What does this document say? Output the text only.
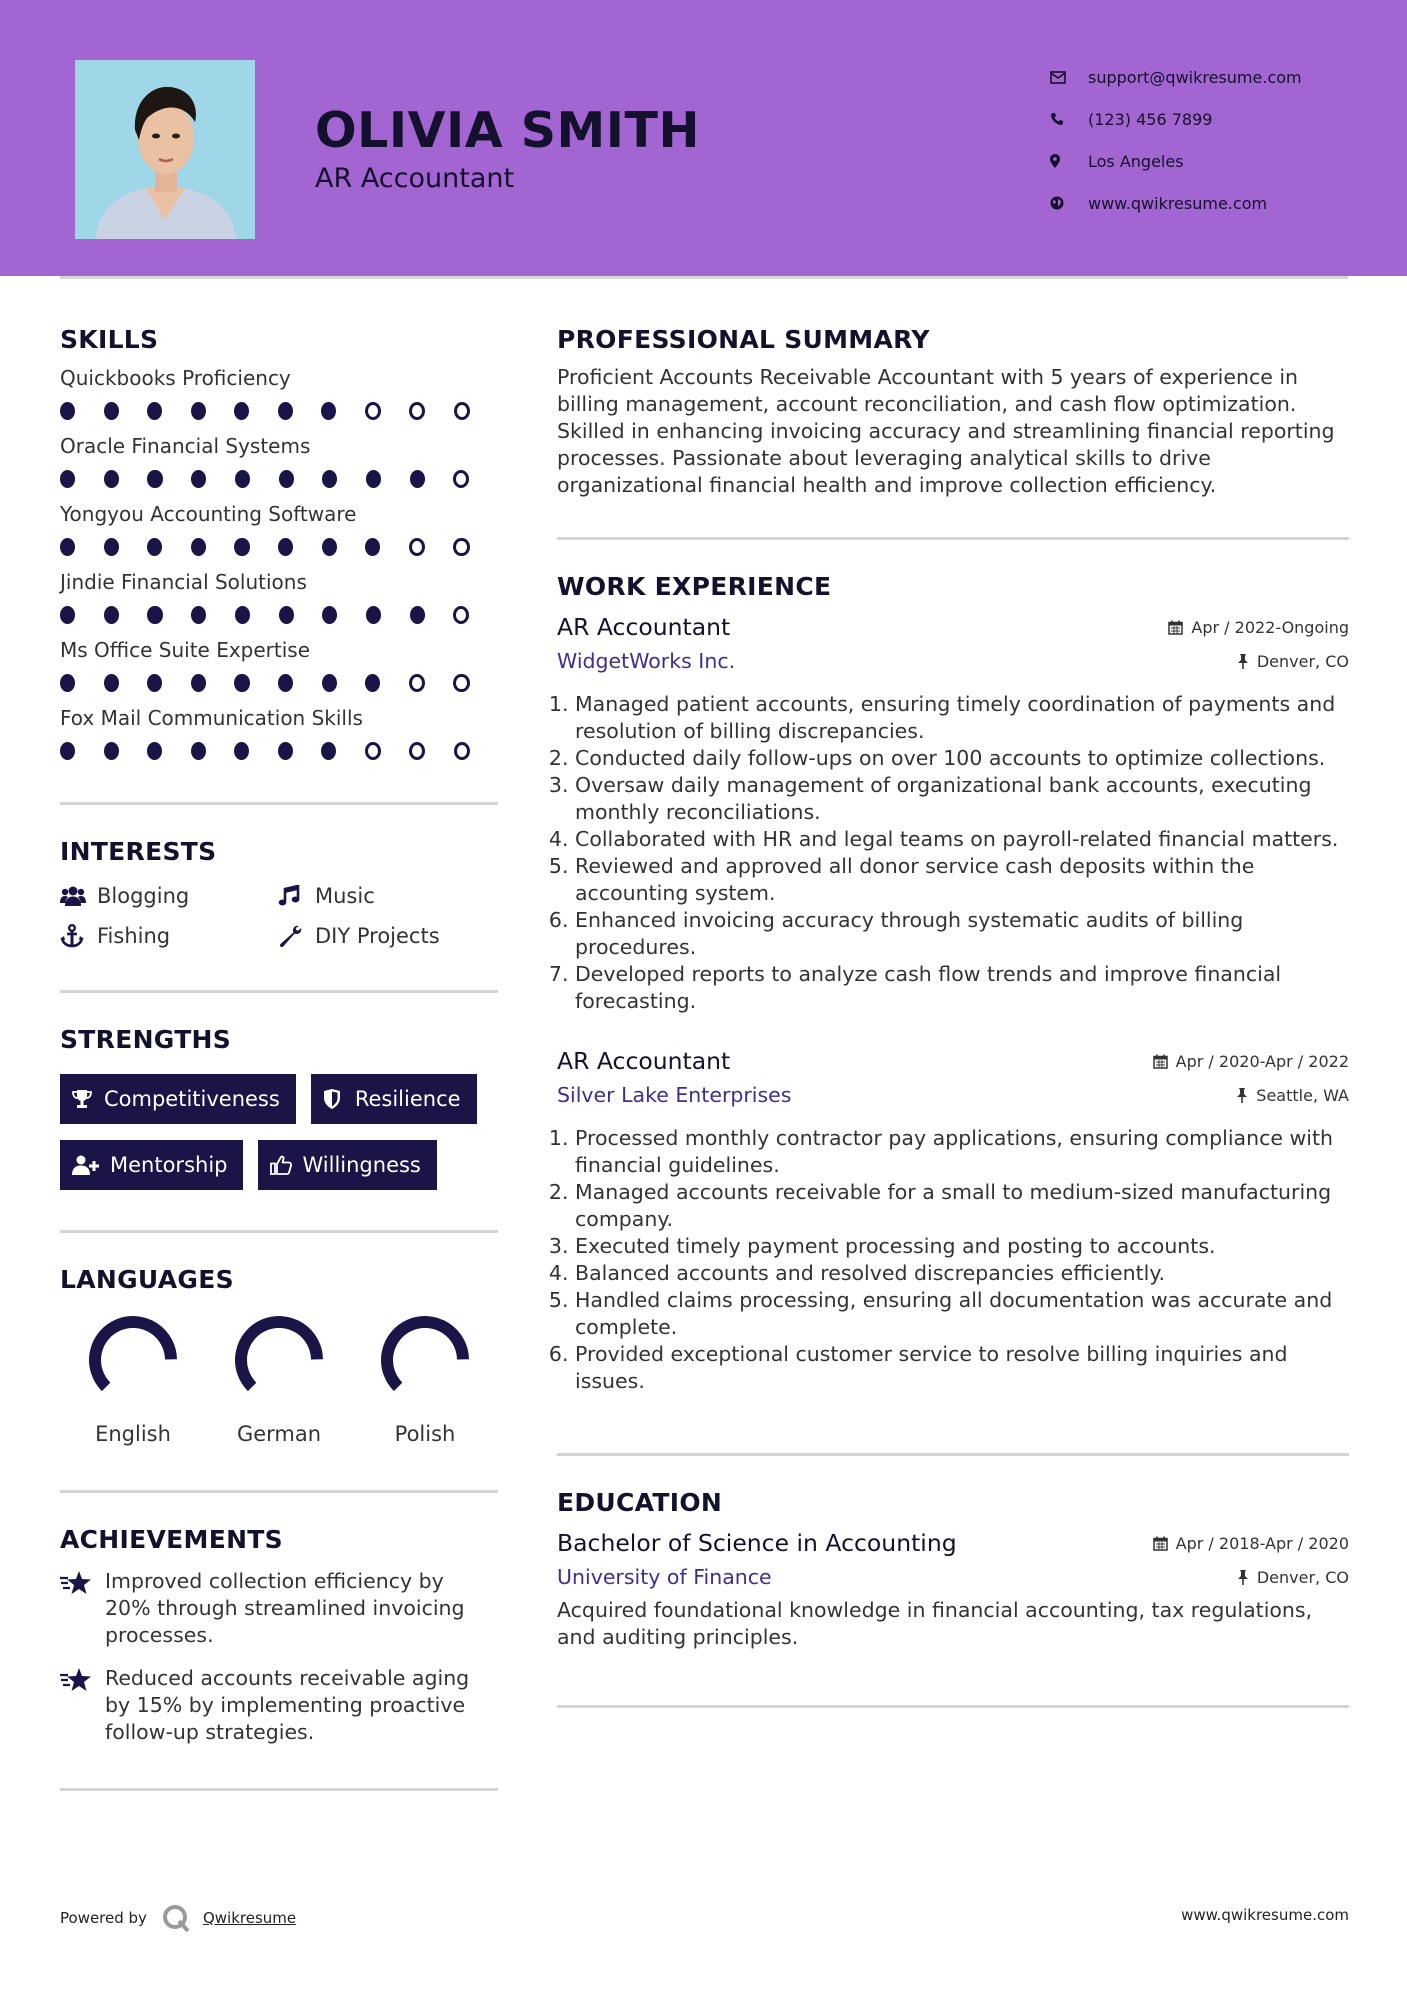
OLIVIA SMITH
AR Accountant
support@qwikresume.com
(123) 456 7899
Los Angeles
www.qwikresume.com
SKILLS
Quickbooks Proficiency
Oracle Financial Systems
Yongyou Accounting Software
Jindie Financial Solutions
Ms Office Suite Expertise
Fox Mail Communication Skills
INTERESTS
Blogging	Music
Fishing	DIY Projects
STRENGTHS
Competitiveness	Resilience
Mentorship	Willingness
LANGUAGES
English	German	Polish
ACHIEVEMENTS
Improved collection efficiency by 20% through streamlined invoicing processes.
Reduced accounts receivable aging by 15% by implementing proactive follow-up strategies.
PROFESSIONAL SUMMARY
Proficient Accounts Receivable Accountant with 5 years of experience in billing management, account reconciliation, and cash flow optimization. Skilled in enhancing invoicing accuracy and streamlining financial reporting processes. Passionate about leveraging analytical skills to drive organizational financial health and improve collection efficiency.
WORK EXPERIENCE
AR Accountant	Apr / 2022-Ongoing
WidgetWorks Inc.	Denver, CO
1. Managed patient accounts, ensuring timely coordination of payments and resolution of billing discrepancies.
2. Conducted daily follow-ups on over 100 accounts to optimize collections.
3. Oversaw daily management of organizational bank accounts, executing monthly reconciliations.
4. Collaborated with HR and legal teams on payroll-related financial matters.
5. Reviewed and approved all donor service cash deposits within the accounting system.
6. Enhanced invoicing accuracy through systematic audits of billing procedures.
7. Developed reports to analyze cash flow trends and improve financial forecasting.
AR Accountant	Apr / 2020-Apr / 2022
Silver Lake Enterprises	Seattle, WA
1. Processed monthly contractor pay applications, ensuring compliance with financial guidelines.
2. Managed accounts receivable for a small to medium-sized manufacturing company.
3. Executed timely payment processing and posting to accounts.
4. Balanced accounts and resolved discrepancies efficiently.
5. Handled claims processing, ensuring all documentation was accurate and complete.
6. Provided exceptional customer service to resolve billing inquiries and issues.
EDUCATION
Bachelor of Science in Accounting	Apr / 2018-Apr / 2020
University of Finance	Denver, CO
Acquired foundational knowledge in financial accounting, tax regulations, and auditing principles.
Powered by	Qwikresume	www.qwikresume.com
